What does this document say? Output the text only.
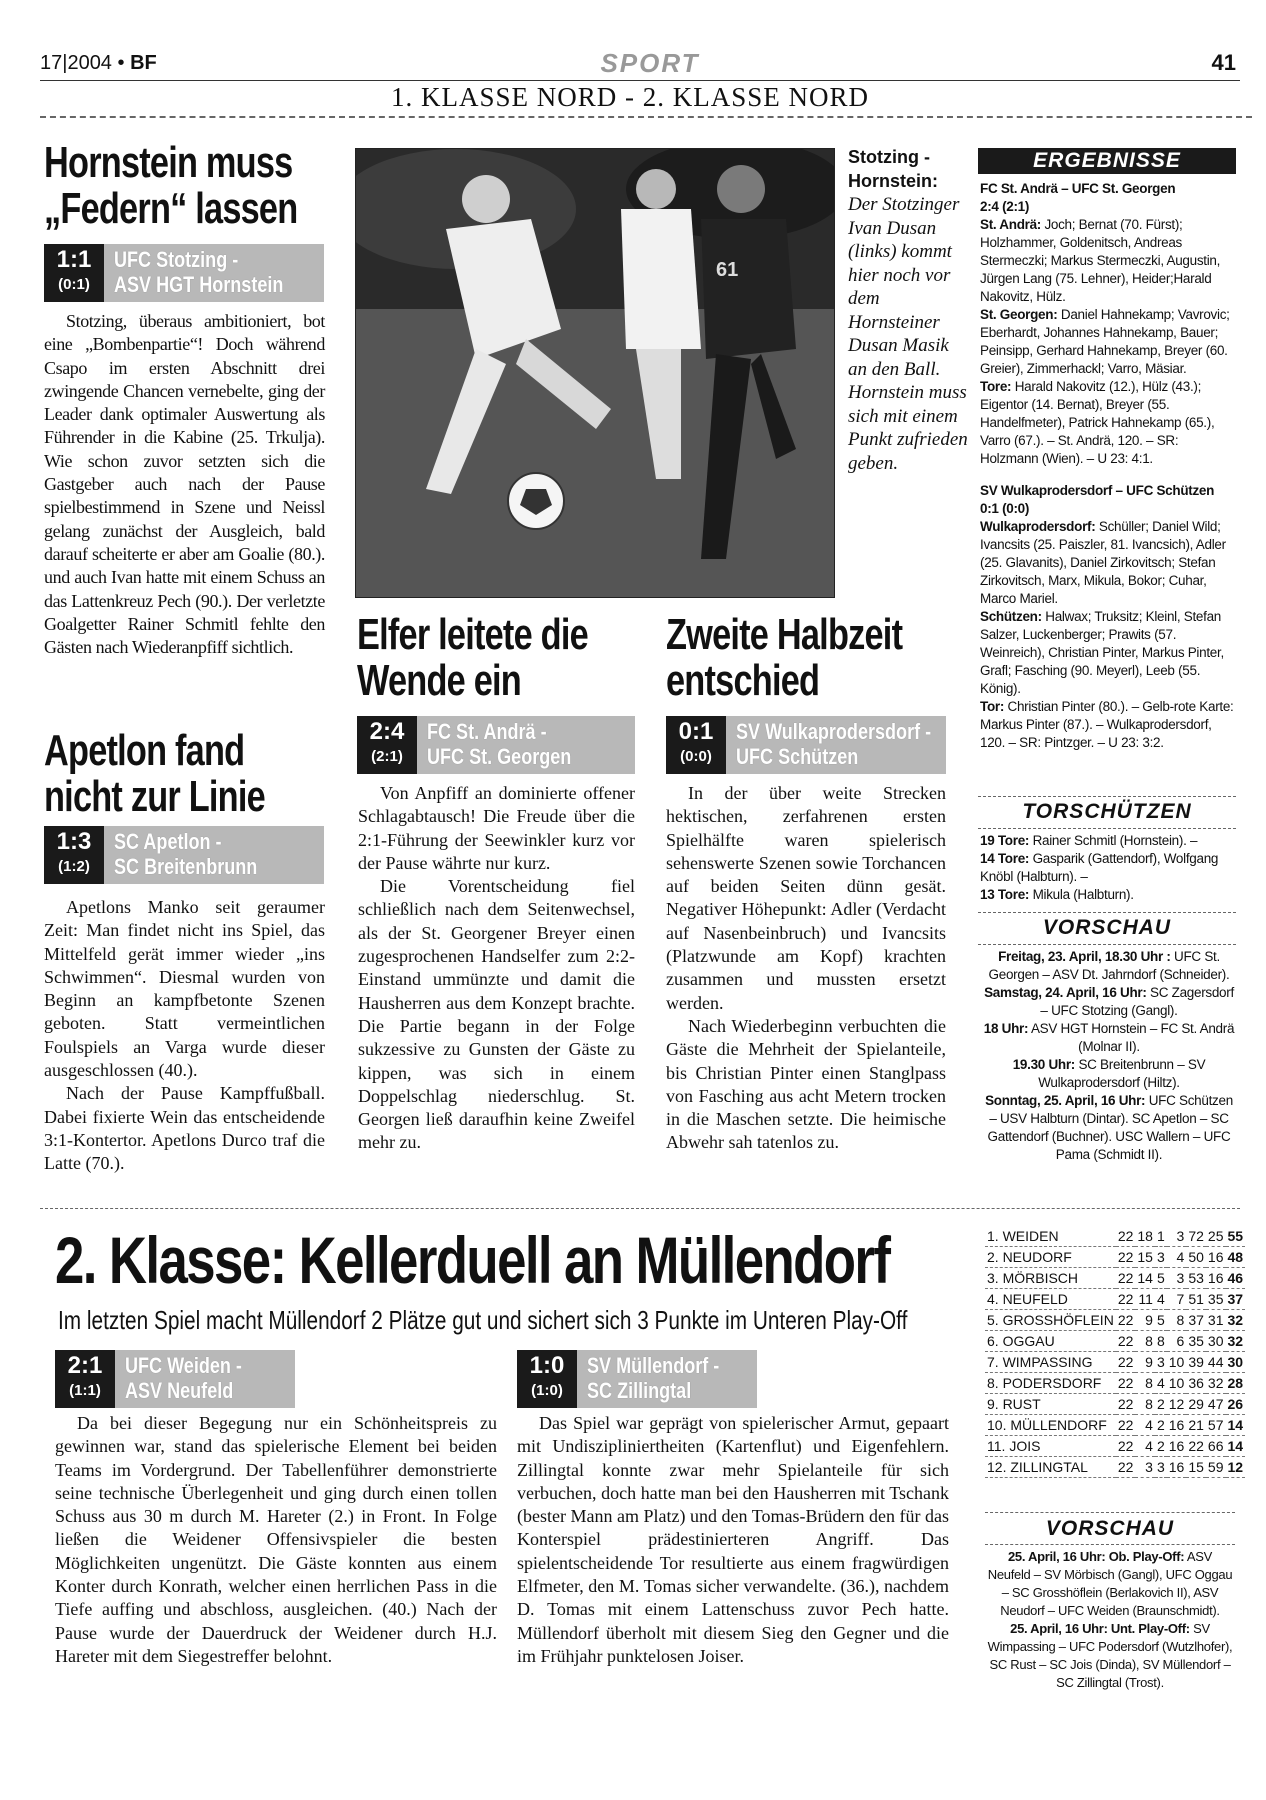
17|2004 • BF	SPORT	41
1. KLASSE NORD - 2. KLASSE NORD
Hornstein muss
„Federn“ lassen
1:1
(0:1)
UFC Stotzing -
ASV HGT Hornstein

Stotzing, überaus ambitioniert, bot eine „Bombenpartie“! Doch während Csapo im ersten Abschnitt drei zwingende Chancen vernebelte, ging der Leader dank optimaler Auswertung als Führender in die Kabine (25. Trkulja). Wie schon zuvor setzten sich die Gastgeber auch nach der Pause spielbestimmend in Szene und Neissl gelang zunächst der Ausgleich, bald darauf scheiterte er aber am Goalie (80.). und auch Ivan hatte mit einem Schuss an das Lattenkreuz Pech (90.). Der verletzte Goalgetter Rainer Schmitl fehlte den Gästen nach Wiederanpfiff sichtlich.

Apetlon fand
nicht zur Linie
1:3
(1:2)
SC Apetlon -
SC Breitenbrunn

Apetlons Manko seit geraumer Zeit: Man findet nicht ins Spiel, das Mittelfeld gerät immer wieder „ins Schwimmen“. Diesmal wurden von Beginn an kampfbetonte Szenen geboten. Statt vermeintlichen Foulspiels an Varga wurde dieser ausgeschlossen (40.).

Nach der Pause Kampffußball. Dabei fixierte Wein das entscheidende 3:1-Kontertor. Apetlons Durco traf die Latte (70.).

61
Stotzing - Hornstein: Der Stotzinger Ivan Dusan (links) kommt hier noch vor dem Hornsteiner Dusan Masik an den Ball. Hornstein muss sich mit einem Punkt zufrieden geben.
Elfer leitete die
Wende ein
2:4
(2:1)
FC St. Andrä -
UFC St. Georgen

Von Anpfiff an dominierte offener Schlagabtausch! Die Freude über die 2:1-Führung der Seewinkler kurz vor der Pause währte nur kurz.

Die Vorentscheidung fiel schließlich nach dem Seitenwechsel, als der St. Georgener Breyer einen zugesprochenen Handselfer zum 2:2-Einstand ummünzte und damit die Hausherren aus dem Konzept brachte. Die Partie begann in der Folge sukzessive zu Gunsten der Gäste zu kippen, was sich in einem Doppelschlag niederschlug. St. Georgen ließ daraufhin keine Zweifel mehr zu.

Zweite Halbzeit
entschied
0:1
(0:0)
SV Wulkaprodersdorf -
UFC Schützen

In der über weite Strecken hektischen, zerfahrenen ersten Spielhälfte waren spielerisch sehenswerte Szenen sowie Torchancen auf beiden Seiten dünn gesät. Negativer Höhepunkt: Adler (Verdacht auf Nasenbeinbruch) und Ivancsits (Platzwunde am Kopf) krachten zusammen und mussten ersetzt werden.

Nach Wiederbeginn verbuchten die Gäste die Mehrheit der Spielanteile, bis Christian Pinter einen Stanglpass von Fasching aus acht Metern trocken in die Maschen setzte. Die heimische Abwehr sah tatenlos zu.

ERGEBNISSE

FC St. Andrä – UFC St. Georgen

2:4 (2:1)

St. Andrä: Joch; Bernat (70. Fürst); Holzhammer, Goldenitsch, Andreas Stermeczki; Markus Stermeczki, Augustin, Jürgen Lang (75. Lehner), Heider;Harald Nakovitz, Hülz.

St. Georgen: Daniel Hahnekamp; Vavrovic; Eberhardt, Johannes Hahnekamp, Bauer; Peinsipp, Gerhard Hahnekamp, Breyer (60. Greier), Zimmerhackl; Varro, Mäsiar.

Tore: Harald Nakovitz (12.), Hülz (43.); Eigentor (14. Bernat), Breyer (55. Handelfmeter), Patrick Hahnekamp (65.), Varro (67.). – St. Andrä, 120. – SR: Holzmann (Wien). – U 23: 4:1.

SV Wulkaprodersdorf – UFC Schützen

0:1 (0:0)

Wulkaprodersdorf: Schüller; Daniel Wild; Ivancsits (25. Paiszler, 81. Ivancsich), Adler (25. Glavanits), Daniel Zirkovitsch; Stefan Zirkovitsch, Marx, Mikula, Bokor; Cuhar, Marco Mariel.

Schützen: Halwax; Truksitz; Kleinl, Stefan Salzer, Luckenberger; Prawits (57. Weinreich), Christian Pinter, Markus Pinter, Grafl; Fasching (90. Meyerl), Leeb (55. König).

Tor: Christian Pinter (80.). – Gelb-rote Karte: Markus Pinter (87.). – Wulkaprodersdorf, 120. – SR: Pintzger. – U 23: 3:2.

TORSCHÜTZEN

19 Tore: Rainer Schmitl (Hornstein). –

14 Tore: Gasparik (Gattendorf), Wolfgang Knöbl (Halbturn). –

13 Tore: Mikula (Halbturn).

VORSCHAU

Freitag, 23. April, 18.30 Uhr : UFC St. Georgen – ASV Dt. Jahrndorf (Schneider).

Samstag, 24. April, 16 Uhr: SC Zagersdorf – UFC Stotzing (Gangl).

18 Uhr: ASV HGT Hornstein – FC St. Andrä (Molnar II).

19.30 Uhr: SC Breitenbrunn – SV Wulkaprodersdorf (Hiltz).

Sonntag, 25. April, 16 Uhr: UFC Schützen – USV Halbturn (Dintar). SC Apetlon – SC Gattendorf (Buchner). USC Wallern – UFC Pama (Schmidt II).

2. Klasse: Kellerduell an Müllendorf
Im letzten Spiel macht Müllendorf 2 Plätze gut und sichert sich 3 Punkte im Unteren Play-Off
2:1
(1:1)
UFC Weiden -
ASV Neufeld

Da bei dieser Begegung nur ein Schönheitspreis zu gewinnen war, stand das spielerische Element bei beiden Teams im Vordergrund. Der Tabellenführer demonstrierte seine technische Überlegenheit und ging durch einen tollen Schuss aus 30 m durch M. Hareter (2.) in Front. In Folge ließen die Weidener Offensivspieler die besten Möglichkeiten ungenützt. Die Gäste konnten aus einem Konter durch Konrath, welcher einen herrlichen Pass in die Tiefe auffing und abschloss, ausgleichen. (40.) Nach der Pause wurde der Dauerdruck der Weidener durch H.J. Hareter mit dem Siegestreffer belohnt.

1:0
(1:0)
SV Müllendorf -
SC Zillingtal

Das Spiel war geprägt von spielerischer Armut, gepaart mit Undiszipliniertheiten (Kartenflut) und Eigenfehlern. Zillingtal konnte zwar mehr Spielanteile für sich verbuchen, doch hatte man bei den Hausherren mit Tschank (bester Mann am Platz) und den Tomas-Brüdern den für das Konterspiel prädestinierteren Angriff. Das spielentscheidende Tor resultierte aus einem fragwürdigen Elfmeter, den M. Tomas sicher verwandelte. (36.), nachdem D. Tomas mit einem Lattenschuss zuvor Pech hatte. Müllendorf überholt mit diesem Sieg den Gegner und die im Frühjahr punktelosen Joiser.

1. WEIDEN	22	18	1	3	72	25	55
2. NEUDORF	22	15	3	4	50	16	48
3. MÖRBISCH	22	14	5	3	53	16	46
4. NEUFELD	22	11	4	7	51	35	37
5. GROSSHÖFLEIN	22	9	5	8	37	31	32
6. OGGAU	22	8	8	6	35	30	32
7. WIMPASSING	22	9	3	10	39	44	30
8. PODERSDORF	22	8	4	10	36	32	28
9. RUST	22	8	2	12	29	47	26
10. MÜLLENDORF	22	4	2	16	21	57	14
11. JOIS	22	4	2	16	22	66	14
12. ZILLINGTAL	22	3	3	16	15	59	12
VORSCHAU

25. April, 16 Uhr: Ob. Play-Off: ASV Neufeld – SV Mörbisch (Gangl), UFC Oggau – SC Grosshöflein (Berlakovich II), ASV Neudorf – UFC Weiden (Braunschmidt).

25. April, 16 Uhr: Unt. Play-Off: SV Wimpassing – UFC Podersdorf (Wutzlhofer), SC Rust – SC Jois (Dinda), SV Müllendorf – SC Zillingtal (Trost).
